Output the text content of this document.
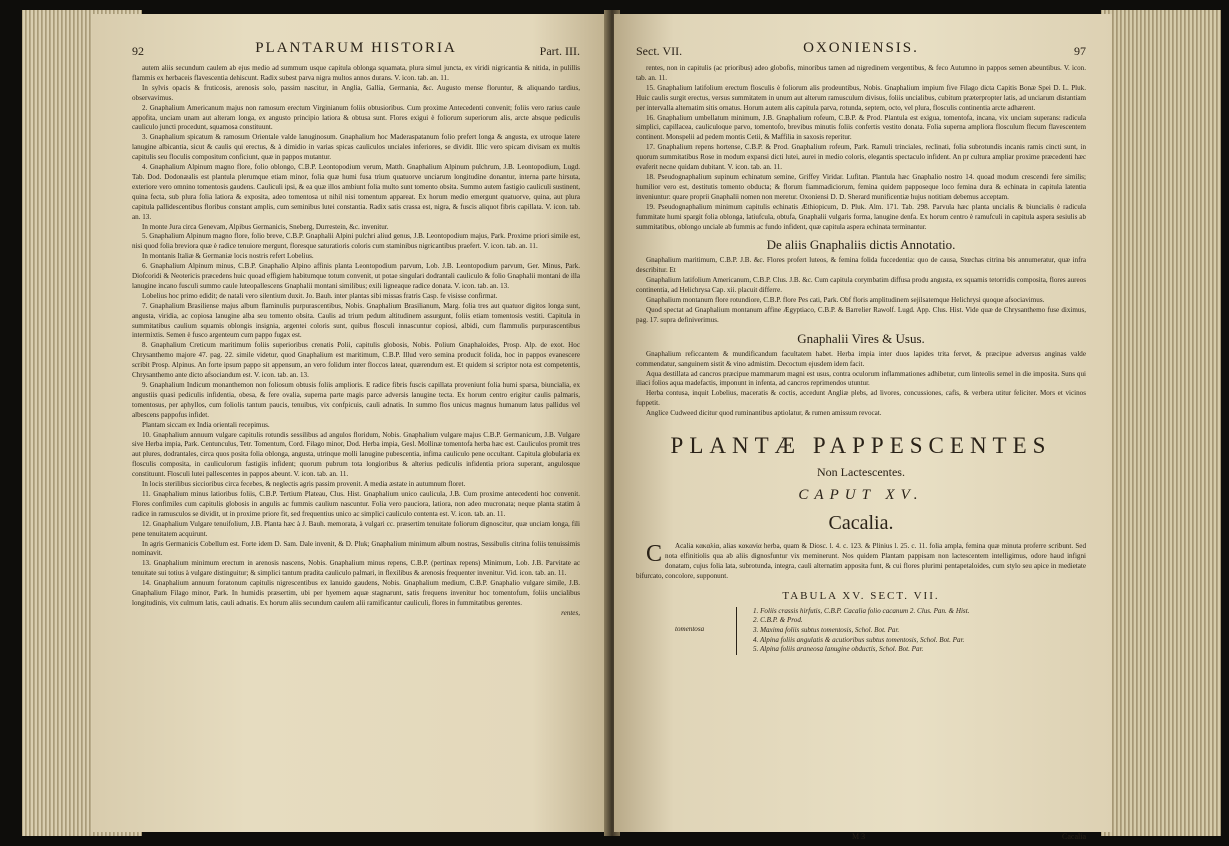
92	PLANTARUM HISTORIA	Part. III.

autem aliis secundum caulem ab ejus medio ad summum usque capitula oblonga squamata, plura simul juncta, ex viridi nigricantia & nitida, in pulillis flammis ex herbaceis flavescentia dehiscunt. Radix subest parva nigra multos annos durans. V. icon. tab. an. 11.

In sylvis opacis & fruticosis, arenosis solo, passim nascitur, in Anglia, Gallia, Germania, &c. Augusto mense floruntur, & aliquando tardius, observavimus.

2. Gnaphalium Americanum majus non ramosum erectum Virginianum foliis obtusioribus. Cum proxime Antecedenti convenit; foliis vero rarius caule appofita, unciam unam aut alteram longa, ex angusto principio latiora & obtusa sunt. Flores exigui è foliorum superiorum alis, arcte absque pediculis cauliculo juncti procedunt, squamosa constituunt.

3. Gnaphalium spicatum & ramosum Orientale valde lanuginosum. Gnaphalium hoc Maderaspatanum folio prefert longa & angusta, ex utroque latere lanugine albicantia, sicut & caulis qui erectus, & à dimidio in varias spicas cauliculos unciales inferiores, se dividit. Illic vero spicam divisam ex multis capitulis seu floculis compositum conficiunt, quæ in pappos mutantur.

4. Gnaphalium Alpinum magno flore, folio oblongo, C.B.P. Leontopodium verum, Matth. Gnaphalium Alpinum pulchrum, J.B. Leontopodium, Lugd. Tab. Dod. Dodonæalis est plantula plerumque etiam minor, folia quæ humi fusa trium quatuorve unciarum longitudine donantur, interna parte hirsuta, exteriore vero omnino tomentosis gaudens. Cauliculi ipsi, & ea quæ illos ambiunt folia multo sunt tomento obsita. Summo autem fastigio cauliculi sustinent, quina fecta, sub plura folia latiora & exposita, adeo tomentosa ut nihil nisi tomentum appareat. Ex horum medio emergunt quatuorve, quina, aut plura capitula pallidescentibus floribus constant amplis, cum seminibus lutei constantia. Radix satis crassa est, nigra, & fuscis aliquot fibris capillata. V. icon. tab. an. 13.

In monte Jura circa Genevam, Alpibus Germanicis, Sneberg, Durrestein, &c. invenitur.

5. Gnaphalium Alpinum magno flore, folio breve, C.B.P. Gnaphalii Alpini pulchri aliud genus, J.B. Leontopodium majus, Park. Proxime priori simile est, nisi quod folia breviora quæ è radice tenuiore mergunt, floresque saturatioris coloris cum staminibus nigricantibus praefert. V. icon. tab. an. 11.

In montanis Italiæ & Germaniæ locis nostris refert Lobelius.

6. Gnaphalium Alpinum minus, C.B.P. Gnaphalio Alpino affinis planta Leontopodium parvum, Lob. J.B. Leontopodium parvum, Ger. Minus, Park. Diofcoridi & Neotericis præcedens huic quoad effigiem habitumque totum convenit, ut potae singulari dodrantali cauliculo & folio Gnaphalii montani de illa lanugine incano fusculi summo caule luteopallescens Gnaphalii montani similibus; exili ligneaque radice donata. V. icon. tab. an. 13.

Lobelius hoc primo edidit; de natali vero silentium duxit. Jo. Bauh. inter plantas sibi missas fratris Casp. fe visisse confirmat.

7. Gnaphalium Brasiliense majus album flaminulis purpurascentibus, Nobis. Gnaphalium Brasilianum, Marg. folia tres aut quatuor digitos longa sunt, angusta, viridia, ac copiosa lanugine alba seu tomento obsita. Caulis ad trium pedum altitudinem assurgunt, foliis etiam tomentosis vestiti. Capitula in summitatibus caulium squamis oblongis insignia, argentei coloris sunt, quibus flosculi innascuntur copiosi, albidi, cum flammulis purpurascentibus intermixtis. Semen è fusco argenteum cum pappo fugax est.

8. Gnaphalium Creticum maritimum foliis superioribus crenatis Polii, capitulis globosis, Nobis. Polium Gnaphaloides, Prosp. Alp. de exot. Hoc Chrysanthemo majore 47. pag. 22. simile videtur, quod Gnaphalium est maritimum, C.B.P. Illud vero semina producit folida, hoc in pappos evanescere scribit Prosp. Alpinus. An forte ipsum pappo sit appensum, an vero folidum inter floccos lateat, quærendum est. Et quidem si scriptor nota est competentis, Chrysanthemo ante dicto afsociandum est. V. icon. tab. an. 13.

9. Gnaphalium Indicum monanthemon non foliosum obtusis foliis amplioris. E radice fibris fuscis capillata proveniunt folia humi sparsa, biuncialia, ex angustiis quasi pediculis infidentia, obesa, & fere ovalia, superna parte magis parce adversis lanugine tecta. Ex horum centro erigitur caulis palmaris, tomentosus, per aphyllos, cum foliolis tantum paucis, tenuibus, vix confpicuis, cauli adnatis. In summo flos unicus magnus humanum latus pallidus vel albescens pappofus infidet.

Plantam siccam ex India orientali recepimus.

10. Gnaphalium annuum vulgare capitulis rotundis sessilibus ad angulos floridum, Nobis. Gnaphalium vulgare majus C.B.P. Germanicum, J.B. Vulgare sive Herba impia, Park. Centunculus, Tetr. Tomentum, Cord. Filago minor, Dod. Herba impia, Gesl. Mollinæ tomentofa herba hæc est. Cauliculos promit tres aut plures, dodrantales, circa quos posita folia oblonga, angusta, utrinque molli lanugine pubescentia, infima cauliculo pene occultant. Capitula globularia ex flosculis composita, in cauliculorum fastigiis infident; quorum pubrum tota longioribus & alterius pediculis infidentia priora superant, angulosque constituunt. Flosculi lutei pallescentes in pappos abeunt. V. icon. tab. an. 11.

In locis sterilibus siccioribus circa fecebes, & neglectis agris passim provenit. A media æstate in autumnum floret.

11. Gnaphalium minus latioribus foliis, C.B.P. Tertium Plateau, Clus. Hist. Gnaphalium unico caulicula, J.B. Cum proxime antecedenti hoc convenit. Flores confimiles cum capitulis globosis in angulis ac fummis caulium nascuntur. Folia vero pauciora, latiora, non adeo mucronata; neque planta statim à radice in ramusculos se dividit, ut in proxime priore fit, sed frequentius unico ac simplici cauliculo contenta est. V. icon. tab. an. 11.

12. Gnaphalium Vulgare tenuifolium, J.B. Planta hæc à J. Bauh. memorata, à vulgari cc. præsertim tenuitate foliorum dignoscitur, quæ unciam longa, fili pene tenuitatem acquirunt.

In agris Germanicis Cobellum est. Forte idem D. Sam. Dale invenit, & D. Pluk; Gnaphalium minimum album nostras, Sessibulis citrina foliis tenuissimis nominavit.

13. Gnaphalium minimum erectum in arenosis nascens, Nobis. Gnaphalium minus repens, C.B.P. (pertinax repens) Minimum, Lob. J.B. Parvitate ac tenuitate sui totius à vulgare distinguitur; & simplici tantum pradita cauliculo palmari, in flexilibus & arenosis frequenter invenitur. Vid. icon. tab. an. 11.

14. Gnaphalium annuum foratonum capitulis nigrescentibus ex lanuido gaudens, Nobis. Gnaphalium medium, C.B.P. Gnaphalio vulgare simile, J.B. Gnaphalium Filago minor, Park. In humidis præsertim, ubi per hyemem aquæ stagnarunt, satis frequens invenitur hoc tomentofum, foliis uncialibus longitudinis, vix culmum latis, cauli adnatis. Ex horum aliis secundum caulem alii ramificantur cauliculi, flores in fummitatibus gerentes.

rentes,
Sect. VII.	OXONIENSIS.	97

rentes, non in capitulis (ac prioribus) adeo globofis, minoribus tamen ad nigredinem vergentibus, & feco Autumno in pappos semen abeuntibus. V. icon. tab. an. 11.

15. Gnaphalium latifolium erectum flosculis è foliorum alis prodeuntibus, Nobis. Gnaphalium impium five Filago dicta Capitis Bonæ Spei D. L. Pluk. Huic caulis surgit erectus, versus summitatem in unum aut alterum ramusculum divisus, foliis uncialibus, cubitum præterpropter latis, ad unciarum distantiam per intervalla alternatim sitis ornatus. Horum autem alis capitula parva, rotunda, septem, octo, vel plura, flosculis continentia arcte adhærent.

16. Gnaphalium umbellatum minimum, J.B. Gnaphalium rofeum, C.B.P. & Prod. Plantula est exigua, tomentofa, incana, vix unciam superans: radicula simplici, capillacea, cauliculoque parvo, tomentofo, brevibus minutis foliis confertis vestito donata. Folia superna ampliora flosculum flecum flavescentem continent. Monspelii ad pedem montis Cetii, & Maffilia in saxosis reperitur.

17. Gnaphalium repens hortense, C.B.P. & Prod. Gnaphalium rofeum, Park. Ramuli trinciales, reclinati, folia subrotundis incanis ramis cincti sunt, in quorum summitatibus Rose in modum expansi dicti lutei, aurei in medio coloris, elegantis spectaculo infident. An pr cultura ampliar proxime præcedenti hæc evaferit necne quidam dubitant. V. icon. tab. an. 11.

18. Pseudognaphalium supinum echinatum semine, Griffey Viridar. Lufitan. Plantula hæc Gnaphalio nostro 14. quoad modum crescendi fere similis; humilior vero est, destitutis tomento obducta; & florum fiammadiciorum, femina quidem papposeque loco femina dura & echinata in capitula latentia inveniuntur: quare proprii Gnaphalii nomen non meretur. Oxoniensi D. D. Sherard munificentiæ hujus notitiam debemus acceptam.

19. Pseudognaphalium minimum capitulis echinatis Æthiopicum, D. Pluk. Alm. 171. Tab. 298. Parvula hæc planta uncialis & biuncialis è radicula fummitate humi spargit folia oblonga, latiufcula, obtufa, Gnaphalii vulgaris forma, lanugine denfa. Ex horum centro è ramufculi in capitula aspera sesiulis ab summitatibus, oblongo unciale ab fummis ac fundo infident, quæ capitula aspera echinata terminantur.

De aliis Gnaphaliis dictis Annotatio.

Gnaphalium maritimum, C.B.P. J.B. &c. Flores profert luteos, & femina folida fuccedentia: quo de causa, Stœchas citrina bis annumeratur, quæ infra describitur. Et

Gnaphalium latifolium Americanum, C.B.P. Clus. J.B. &c. Cum capitula corymbatim diffusa produ angusta, ex squamis tetorridis composita, flores aureos continentia, ad Helichrysa Cap. xii. placuit differre.

Gnaphalium montanum flore rotundiore, C.B.P. flore Pes cati, Park. Obf floris amplitudinem sejilsatemque Helichrysi quoque afsociavimus.

Quod spectat ad Gnaphalium montanum affine Ægyptiaco, C.B.P. & Barrelier Rawolf. Lugd. App. Clus. Hist. Vide quæ de Chrysanthemo fuse diximus, pag. 17. supra definiverimus.

Gnaphalii Vires & Usus.

Gnaphalium reficcantem & mundificandum facultatem habet. Herba impia inter duos lapides trita fervet, & præcipue adversus anginas valde commendatur, sanguinem sistit & vino admistim. Decoctum ejusdem idem facit.

Aqua destillata ad cancros præcipue mammarum magni est usus, contra oculorum inflammationes adhibetur, cum linteolis semel in die imposita. Suns qui iliaci folios aqua madefactis, imponunt in infenta, ad cancros reprimendos utuntur.

Herba contusa, inquit Lobelius, maceratis & coctis, accedunt Angliæ plebs, ad livores, concussiones, cafis, & verbera utitur feliciter. Mors et vicinos fuppetit.

Anglice Cudweed dicitur quod ruminantibus aptiolatur, & rumen amissum revocat.

PLANTÆ PAPPESCENTES
Non Lactescentes.
CAPUT XV.
Cacalia.

C Acalia κακαλία, alias κακανία herba, quam & Diosc. l. 4. c. 123. & Plinius l. 25. c. 11. folia ampla, femina quæ minuta proferre scribunt. Sed nota elfinitiolis qua ab aliis dignosfuntur vix meminerunt. Nos quidem Plantam pappisam non lactescentem intelligimus, odore haud infigni donatam, cujus folia lata, subrotunda, integra, cauli alternatim apposita funt, & cui flores plurimi pentapetaloides, cum stylo seu apice in medietate bifurcato, concolore, supponunt.

TABULA XV. SECT. VII.
tomentosa
1. Foliis crassis hirfutis, C.B.P. Cacalia folio cacanum 2. Clus. Pan. & Hist.
2. C.B.P. & Prod.
3. Maxima foliis subtus tomentosis, Schol. Bot. Par.
4. Alpina foliis angulatis & acutioribus subtus tomentosis, Schol. Bot. Par.
5. Alpina foliis araneosa lanugine obductis, Schol. Bot. Par.
M 3	Cacalia
